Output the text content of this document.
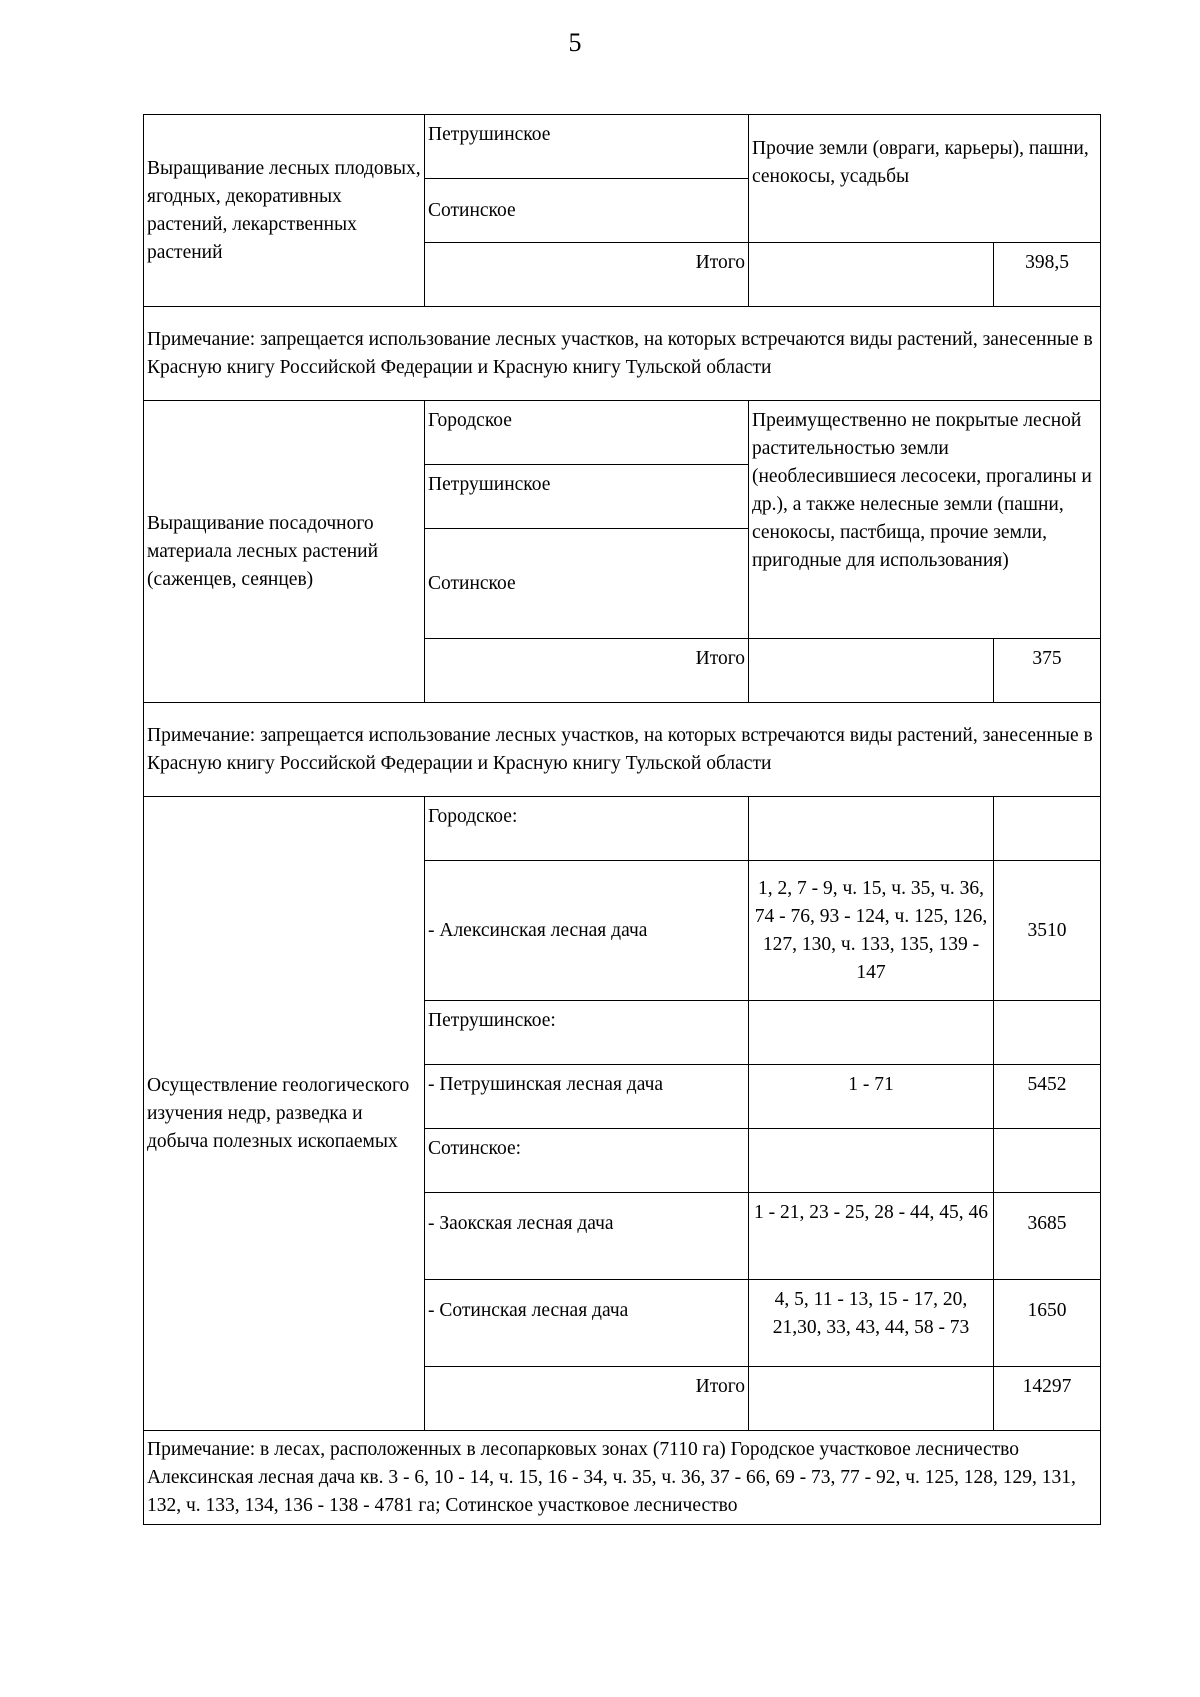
5
Выращивание лесных плодовых, ягодных, декоративных растений, лекарственных растений	Петрушинское	Прочие земли (овраги, карьеры), пашни, сенокосы, усадьбы	
	Сотинское		
	Итого		398,5
Примечание: запрещается использование лесных участков, на которых встречаются виды растений, занесенные в Красную книгу Российской Федерации и Красную книгу Тульской области			
Выращивание посадочного материала лесных растений (саженцев, сеянцев)	Городское	Преимущественно не покрытые лесной растительностью земли (необлесившиеся лесосеки, прогалины и др.), а также нелесные земли (пашни, сенокосы, пастбища, прочие земли, пригодные для использования)	
	Петрушинское		
	Сотинское		
	Итого		375
Примечание: запрещается использование лесных участков, на которых встречаются виды растений, занесенные в Красную книгу Российской Федерации и Красную книгу Тульской области			
Осуществление геологического изучения недр, разведка и добыча полезных ископаемых	Городское:		
	- Алексинская лесная дача	1, 2, 7 - 9, ч. 15, ч. 35, ч. 36, 74 - 76, 93 - 124, ч. 125, 126, 127, 130, ч. 133, 135, 139 - 147	3510
	Петрушинское:		
	- Петрушинская лесная дача	1 - 71	5452
	Сотинское:		
	- Заокская лесная дача	1 - 21, 23 - 25, 28 - 44, 45, 46	3685
	- Сотинская лесная дача	4, 5, 11 - 13, 15 - 17, 20, 21,30, 33, 43, 44, 58 - 73	1650
	Итого		14297
Примечание: в лесах, расположенных в лесопарковых зонах (7110 га) Городское участковое лесничество Алексинская лесная дача кв. 3 - 6, 10 - 14, ч. 15, 16 - 34, ч. 35, ч. 36, 37 - 66, 69 - 73, 77 - 92, ч. 125, 128, 129, 131, 132, ч. 133, 134, 136 - 138 - 4781 га; Сотинское участковое лесничество			
